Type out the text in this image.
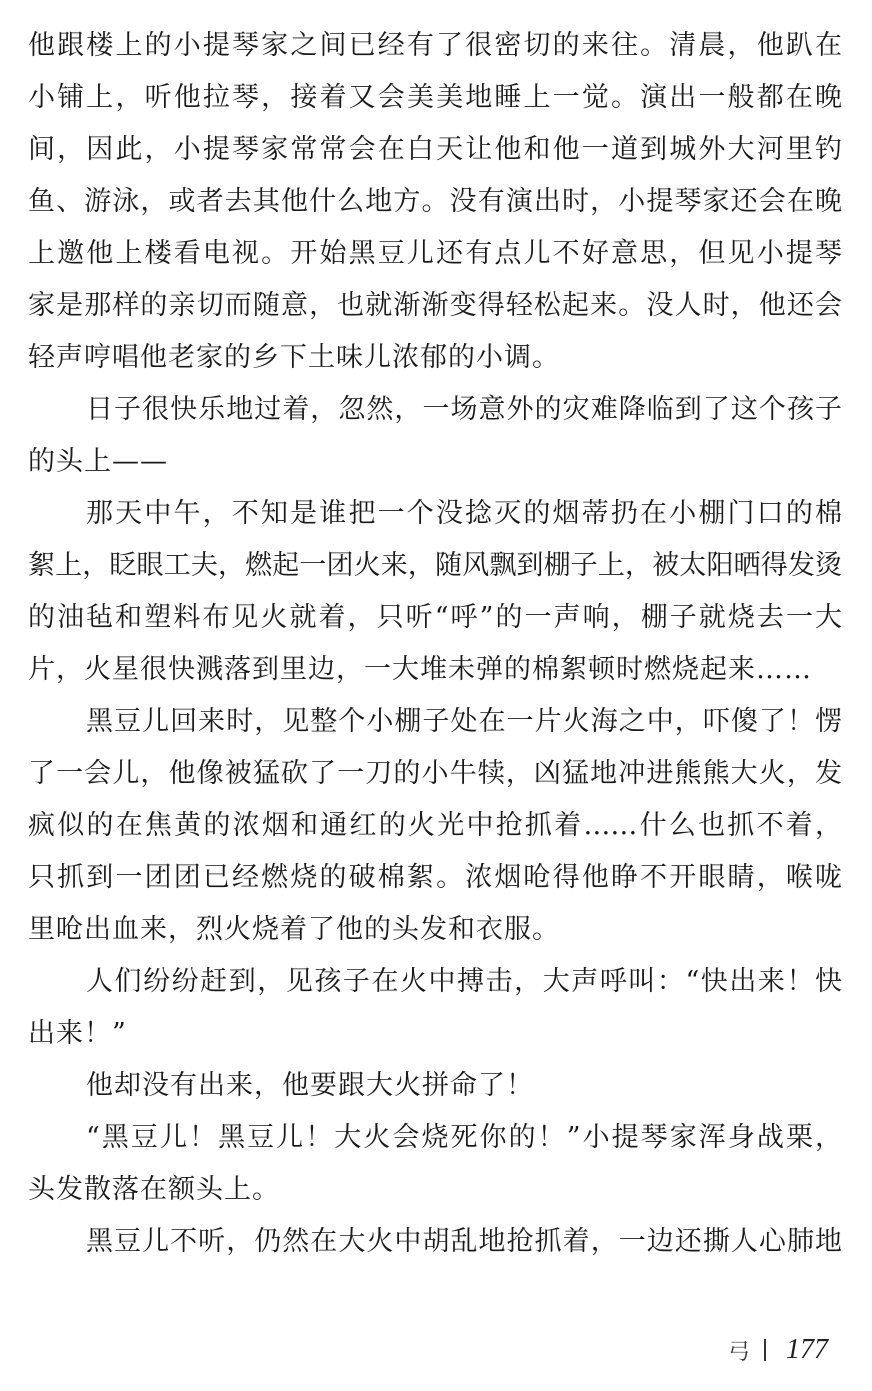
他跟楼上的小提琴家之间已经有了很密切的来往。清晨，他趴在
小铺上，听他拉琴，接着又会美美地睡上一觉。演出一般都在晚
间，因此，小提琴家常常会在白天让他和他一道到城外大河里钓
鱼、游泳，或者去其他什么地方。没有演出时，小提琴家还会在晚
上邀他上楼看电视。开始黑豆儿还有点儿不好意思，但见小提琴
家是那样的亲切而随意，也就渐渐变得轻松起来。没人时，他还会
轻声哼唱他老家的乡下土味儿浓郁的小调。
日子很快乐地过着，忽然，一场意外的灾难降临到了这个孩子
的头上——
那天中午，不知是谁把一个没捻灭的烟蒂扔在小棚门口的棉
絮上，眨眼工夫，燃起一团火来，随风飘到棚子上，被太阳晒得发烫
的油毡和塑料布见火就着，只听“呼”的一声响，棚子就烧去一大
片，火星很快溅落到里边，一大堆未弹的棉絮顿时燃烧起来……
黑豆儿回来时，见整个小棚子处在一片火海之中，吓傻了！愣
了一会儿，他像被猛砍了一刀的小牛犊，凶猛地冲进熊熊大火，发
疯似的在焦黄的浓烟和通红的火光中抢抓着……什么也抓不着，
只抓到一团团已经燃烧的破棉絮。浓烟呛得他睁不开眼睛，喉咙
里呛出血来，烈火烧着了他的头发和衣服。
人们纷纷赶到，见孩子在火中搏击，大声呼叫：“快出来！快
出来！”
他却没有出来，他要跟大火拼命了！
“黑豆儿！黑豆儿！大火会烧死你的！”小提琴家浑身战栗，
头发散落在额头上。
黑豆儿不听，仍然在大火中胡乱地抢抓着，一边还撕人心肺地
弓 177
